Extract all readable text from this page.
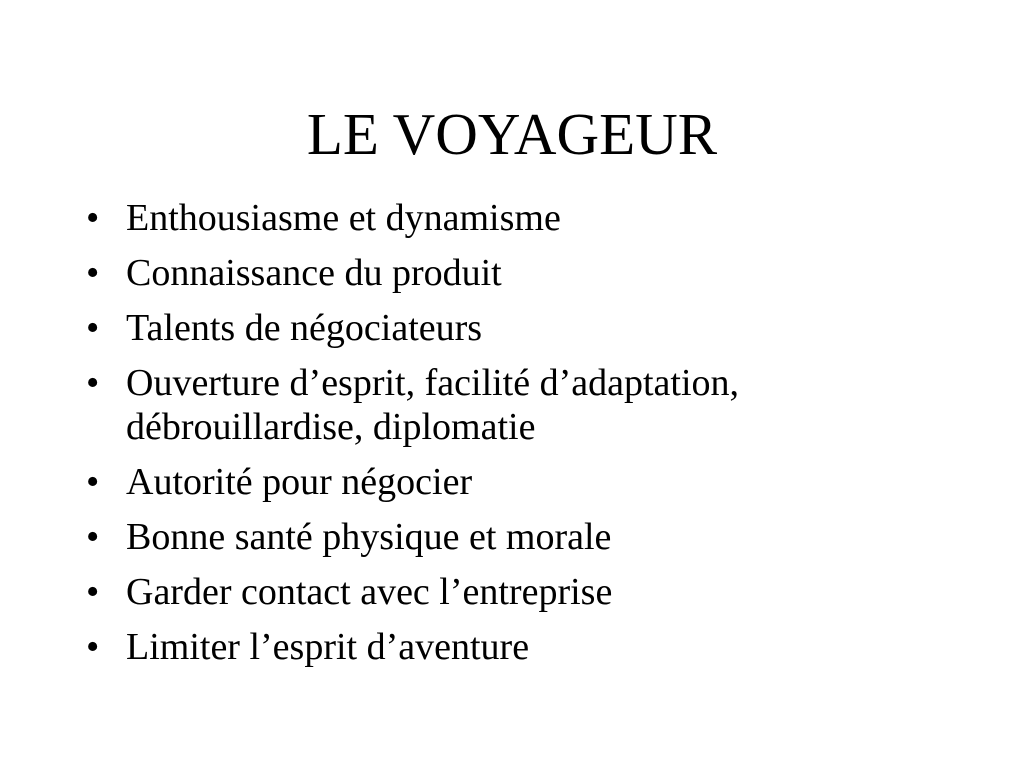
LE VOYAGEUR
• Enthousiasme et dynamisme
• Connaissance du produit
• Talents de négociateurs
• Ouverture d’esprit, facilité d’adaptation, débrouillardise, diplomatie
• Autorité pour négocier
• Bonne santé physique et morale
• Garder contact avec l’entreprise
• Limiter l’esprit d’aventure
